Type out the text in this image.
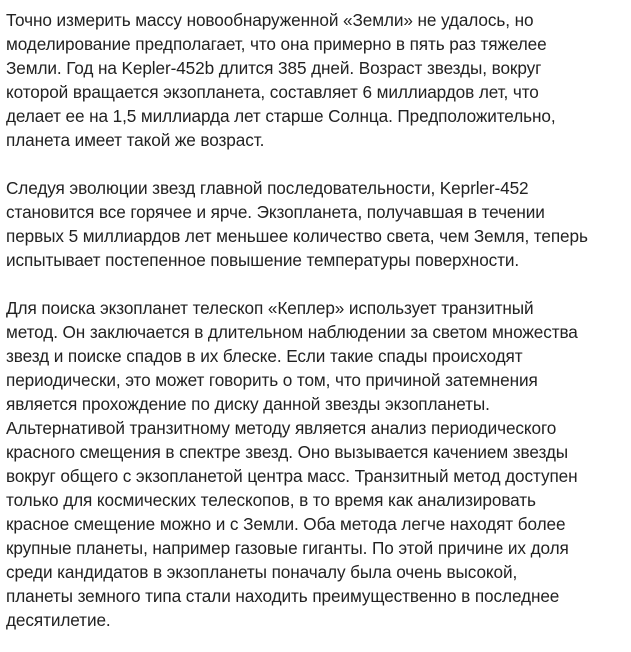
Точно измерить массу новообнаруженной «Земли» не удалось, но
моделирование предполагает, что она примерно в пять раз тяжелее
Земли. Год на Kepler-452b длится 385 дней. Возраст звезды, вокруг
которой вращается экзопланета, составляет 6 миллиардов лет, что
делает ее на 1,5 миллиарда лет старше Солнца. Предположительно,
планета имеет такой же возраст.

Следуя эволюции звезд главной последовательности, Keprler-452
становится все горячее и ярче. Экзопланета, получавшая в течении
первых 5 миллиардов лет меньшее количество света, чем Земля, теперь
испытывает постепенное повышение температуры поверхности.

Для поиска экзопланет телескоп «Кеплер» использует транзитный
метод. Он заключается в длительном наблюдении за светом множества
звезд и поиске спадов в их блеске. Если такие спады происходят
периодически, это может говорить о том, что причиной затемнения
является прохождение по диску данной звезды экзопланеты.
Альтернативой транзитному методу является анализ периодического
красного смещения в спектре звезд. Оно вызывается качением звезды
вокруг общего с экзопланетой центра масс. Транзитный метод доступен
только для космических телескопов, в то время как анализировать
красное смещение можно и с Земли. Оба метода легче находят более
крупные планеты, например газовые гиганты. По этой причине их доля
среди кандидатов в экзопланеты поначалу была очень высокой,
планеты земного типа стали находить преимущественно в последнее
десятилетие.
